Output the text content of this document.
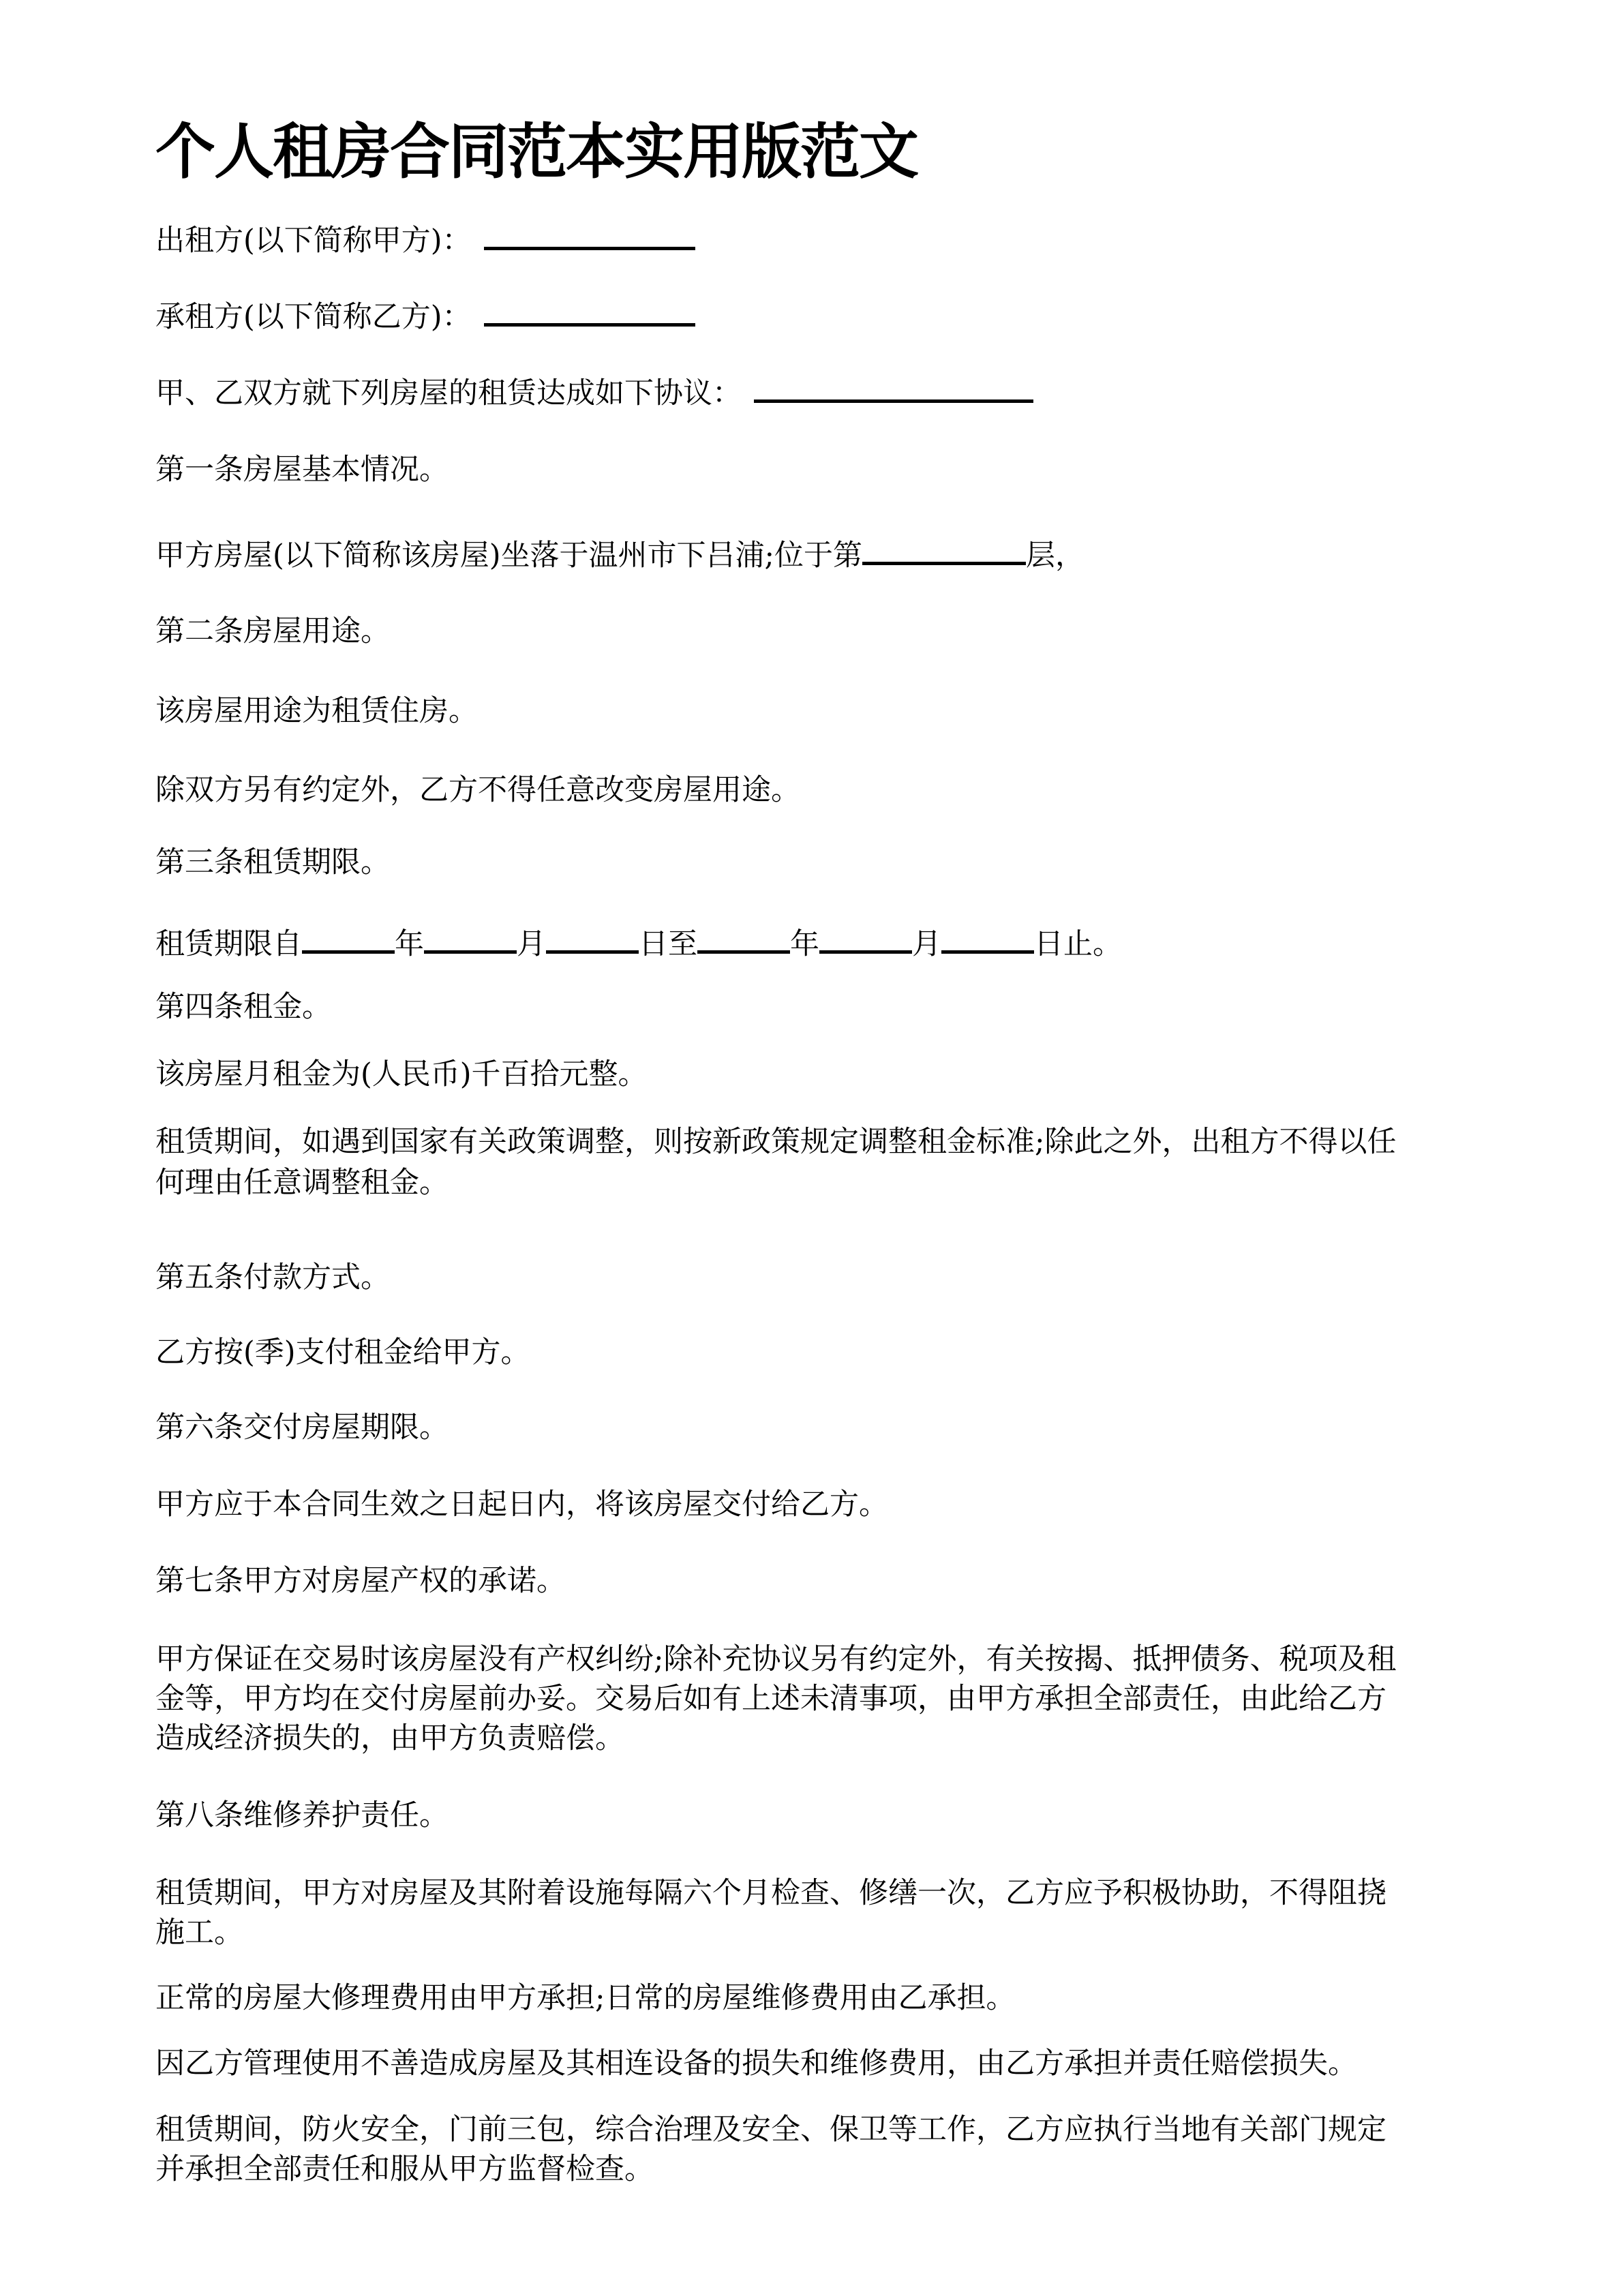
个人租房合同范本实用版范文
出租方(以下简称甲方)：
承租方(以下简称乙方)：
甲、乙双方就下列房屋的租赁达成如下协议：
第一条房屋基本情况。
甲方房屋(以下简称该房屋)坐落于温州市下吕浦;位于第	层，
第二条房屋用途。
该房屋用途为租赁住房。
除双方另有约定外，乙方不得任意改变房屋用途。
第三条租赁期限。
租赁期限自	年	月	日至	年	月	日止。
第四条租金。
该房屋月租金为(人民币)千百拾元整。
租赁期间，如遇到国家有关政策调整，则按新政策规定调整租金标准;除此之外，出租方不得以任
何理由任意调整租金。
第五条付款方式。
乙方按(季)支付租金给甲方。
第六条交付房屋期限。
甲方应于本合同生效之日起日内，将该房屋交付给乙方。
第七条甲方对房屋产权的承诺。
甲方保证在交易时该房屋没有产权纠纷;除补充协议另有约定外，有关按揭、抵押债务、税项及租
金等，甲方均在交付房屋前办妥。交易后如有上述未清事项，由甲方承担全部责任，由此给乙方
造成经济损失的，由甲方负责赔偿。
第八条维修养护责任。
租赁期间，甲方对房屋及其附着设施每隔六个月检查、修缮一次，乙方应予积极协助，不得阻挠
施工。
正常的房屋大修理费用由甲方承担;日常的房屋维修费用由乙承担。
因乙方管理使用不善造成房屋及其相连设备的损失和维修费用，由乙方承担并责任赔偿损失。
租赁期间，防火安全，门前三包，综合治理及安全、保卫等工作，乙方应执行当地有关部门规定
并承担全部责任和服从甲方监督检查。
